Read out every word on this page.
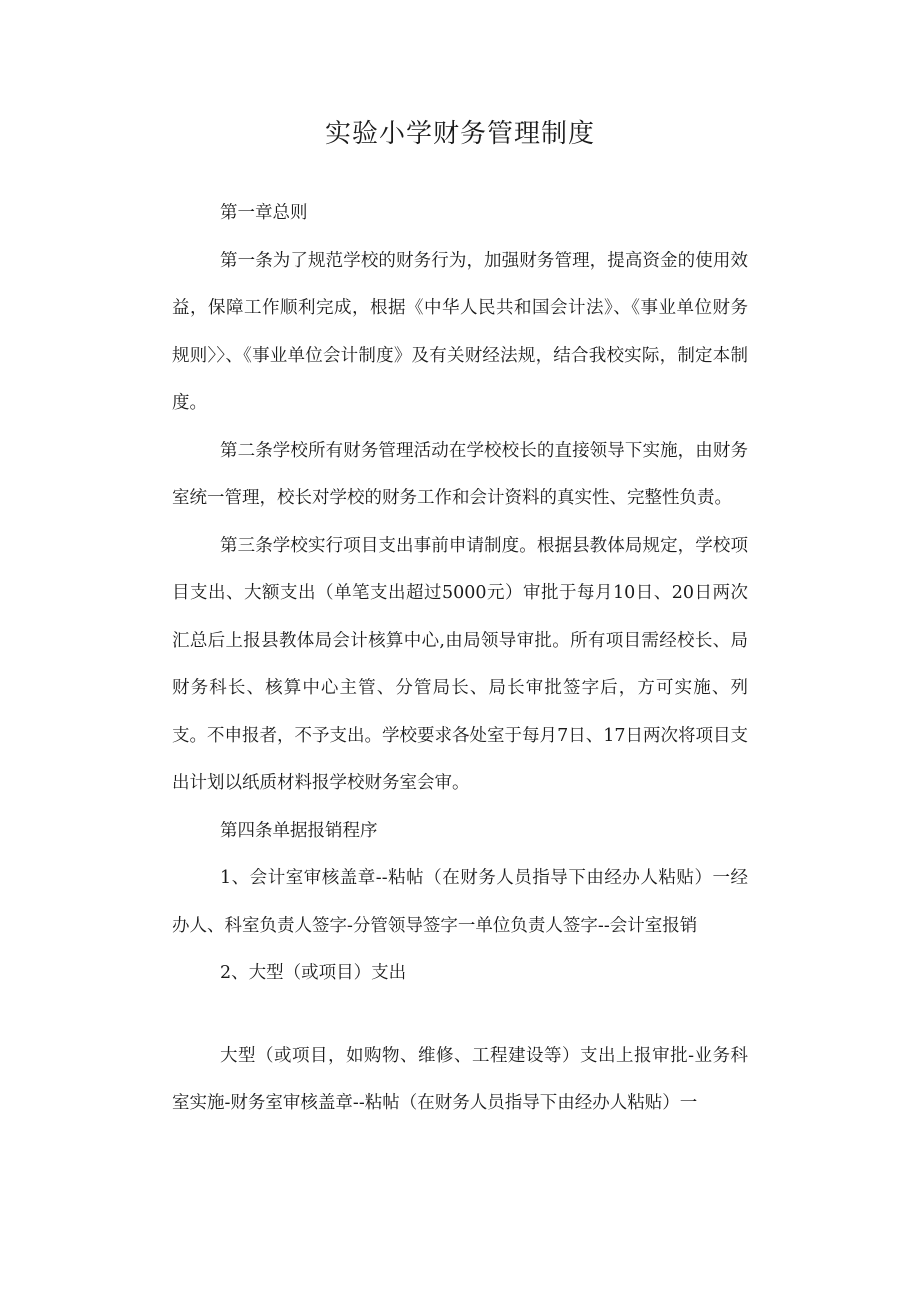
实验小学财务管理制度

第一章总则

第一条为了规范学校的财务行为，加强财务管理，提高资金的使用效益，保障工作顺利完成，根据《中华人民共和国会计法》、《事业单位财务规则〉〉、《事业单位会计制度》及有关财经法规，结合我校实际，制定本制度。

第二条学校所有财务管理活动在学校校长的直接领导下实施，由财务室统一管理，校长对学校的财务工作和会计资料的真实性、完整性负责。

第三条学校实行项目支出事前申请制度。根据县教体局规定，学校项目支出、大额支出（单笔支出超过5000元）审批于每月10日、20日两次汇总后上报县教体局会计核算中心,由局领导审批。所有项目需经校长、局财务科长、核算中心主管、分管局长、局长审批签字后，方可实施、列支。不申报者，不予支出。学校要求各处室于每月7日、17日两次将项目支出计划以纸质材料报学校财务室会审。

第四条单据报销程序

1、会计室审核盖章--粘帖（在财务人员指导下由经办人粘贴）一经办人、科室负责人签字-分管领导签字一单位负责人签字--会计室报销

2、大型（或项目）支出

大型（或项目，如购物、维修、工程建设等）支出上报审批-业务科室实施-财务室审核盖章--粘帖（在财务人员指导下由经办人粘贴）一
